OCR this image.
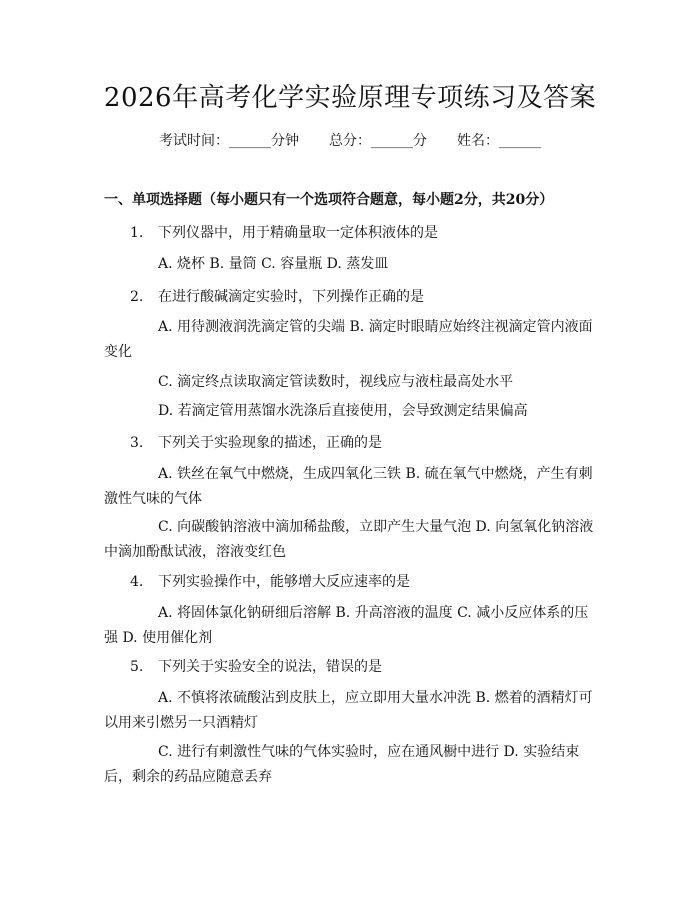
2026年高考化学实验原理专项练习及答案
考试时间：______分钟 总分：______分 姓名：______
一、单项选择题（每小题只有一个选项符合题意，每小题2分，共20分）
1. 下列仪器中，用于精确量取一定体积液体的是
A. 烧杯 B. 量筒 C. 容量瓶 D. 蒸发皿
2. 在进行酸碱滴定实验时，下列操作正确的是
A. 用待测液润洗滴定管的尖端 B. 滴定时眼睛应始终注视滴定管内液面变化
C. 滴定终点读取滴定管读数时，视线应与液柱最高处水平
D. 若滴定管用蒸馏水洗涤后直接使用，会导致测定结果偏高
3. 下列关于实验现象的描述，正确的是
A. 铁丝在氧气中燃烧，生成四氧化三铁 B. 硫在氧气中燃烧，产生有刺激性气味的气体
C. 向碳酸钠溶液中滴加稀盐酸，立即产生大量气泡 D. 向氢氧化钠溶液中滴加酚酞试液，溶液变红色
4. 下列实验操作中，能够增大反应速率的是
A. 将固体氯化钠研细后溶解 B. 升高溶液的温度 C. 减小反应体系的压强 D. 使用催化剂
5. 下列关于实验安全的说法，错误的是
A. 不慎将浓硫酸沾到皮肤上，应立即用大量水冲洗 B. 燃着的酒精灯可以用来引燃另一只酒精灯
C. 进行有刺激性气味的气体实验时，应在通风橱中进行 D. 实验结束后，剩余的药品应随意丢弃
